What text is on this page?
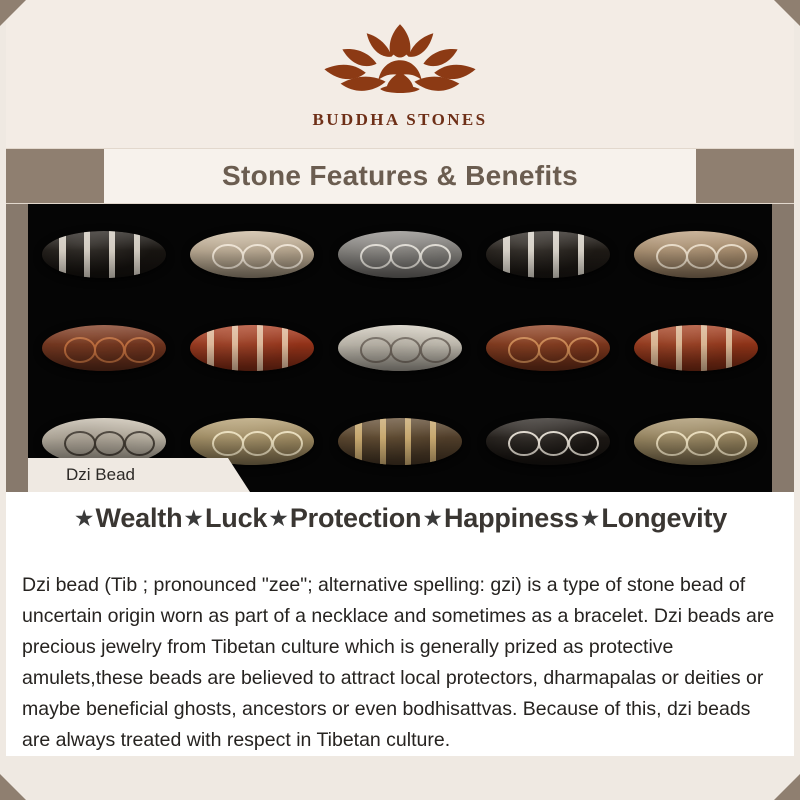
BUDDHA STONES
Stone Features & Benefits
Dzi Bead
★ Wealth ★ Luck ★ Protection ★ Happiness ★ Longevity

Dzi bead (Tib ; pronounced "zee"; alternative spelling: gzi) is a type of stone bead of uncertain origin worn as part of a necklace and sometimes as a bracelet. Dzi beads are precious jewelry from Tibetan culture which is generally prized as protective amulets,these beads are believed to attract local protectors, dharmapalas or deities or maybe beneficial ghosts, ancestors or even bodhisattvas. Because of this, dzi beads are always treated with respect in Tibetan culture.
